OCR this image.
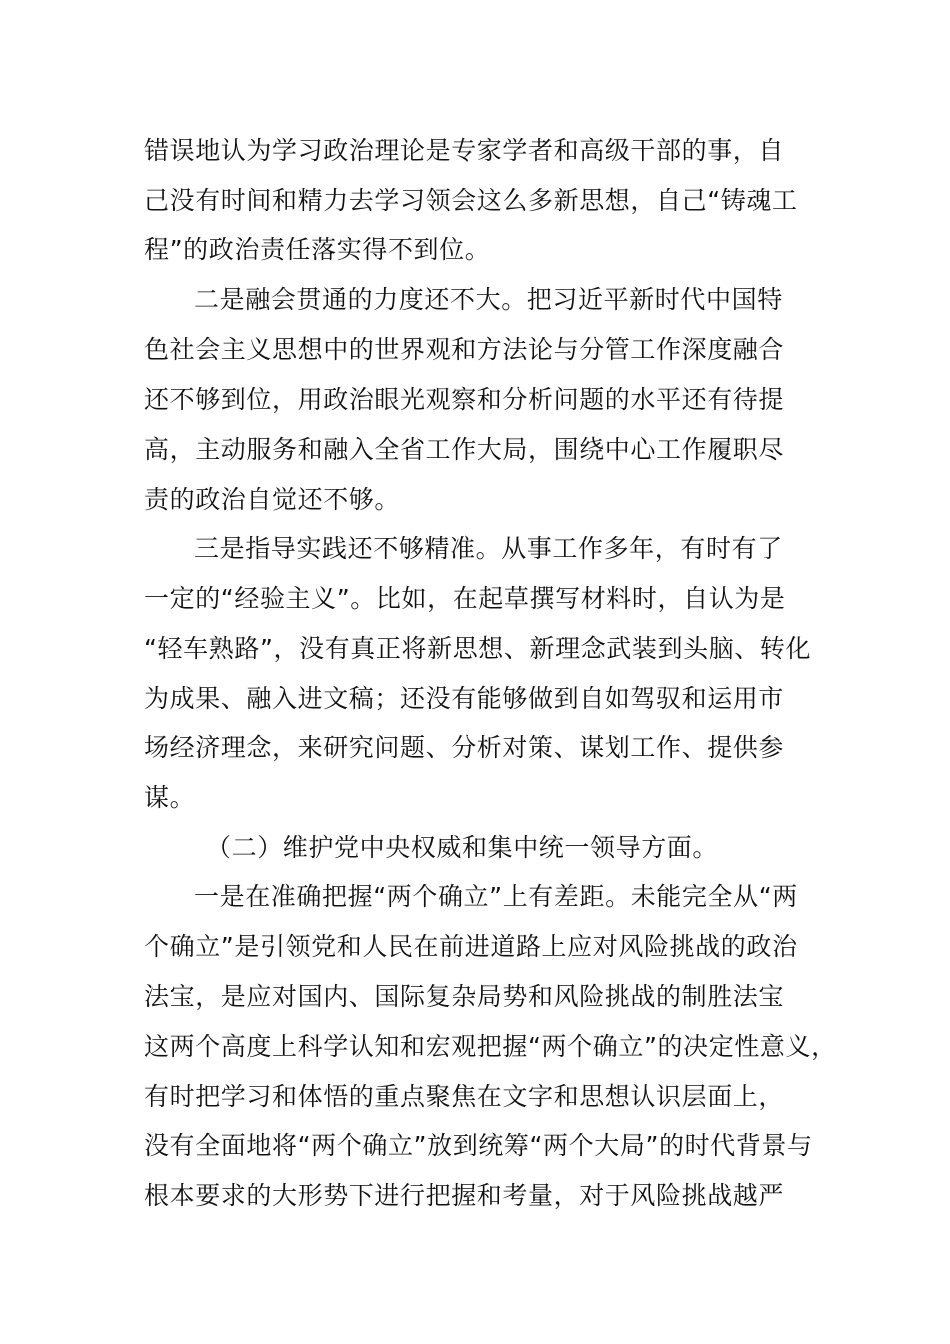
错误地认为学习政治理论是专家学者和高级干部的事，自
己没有时间和精力去学习领会这么多新思想，自己“铸魂工
程”的政治责任落实得不到位。
二是融会贯通的力度还不大。把习近平新时代中国特
色社会主义思想中的世界观和方法论与分管工作深度融合
还不够到位，用政治眼光观察和分析问题的水平还有待提
高，主动服务和融入全省工作大局，围绕中心工作履职尽
责的政治自觉还不够。
三是指导实践还不够精准。从事工作多年，有时有了
一定的“经验主义”。比如，在起草撰写材料时，自认为是
“轻车熟路”，没有真正将新思想、新理念武装到头脑、转化
为成果、融入进文稿；还没有能够做到自如驾驭和运用市
场经济理念，来研究问题、分析对策、谋划工作、提供参
谋。
（二）维护党中央权威和集中统一领导方面。
一是在准确把握“两个确立”上有差距。未能完全从“两
个确立”是引领党和人民在前进道路上应对风险挑战的政治
法宝，是应对国内、国际复杂局势和风险挑战的制胜法宝
这两个高度上科学认知和宏观把握“两个确立”的决定性意义，
有时把学习和体悟的重点聚焦在文字和思想认识层面上，
没有全面地将“两个确立”放到统筹“两个大局”的时代背景与
根本要求的大形势下进行把握和考量，对于风险挑战越严
